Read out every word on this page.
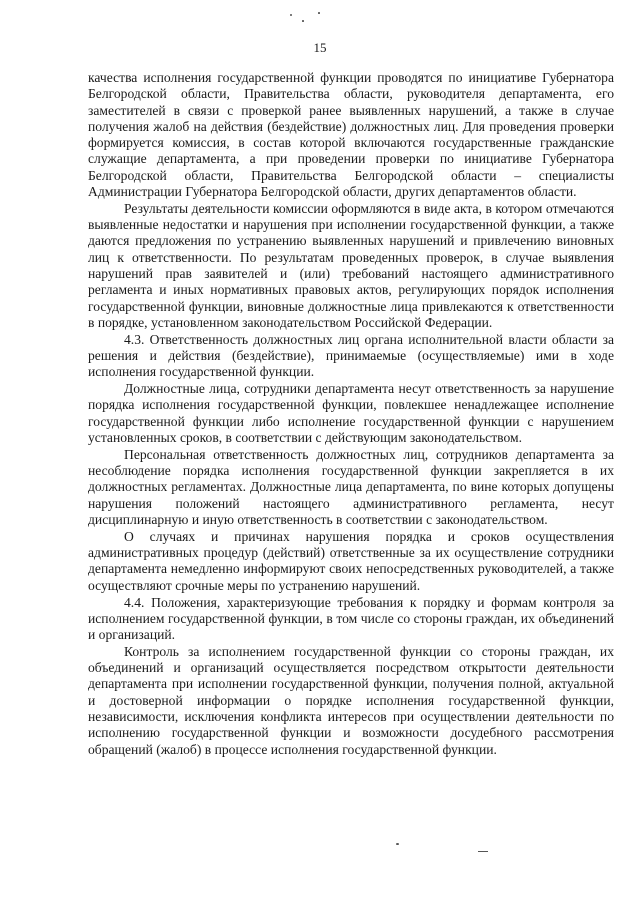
15

качества исполнения государственной функции проводятся по инициативе Губернатора Белгородской области, Правительства области, руководителя департамента, его заместителей в связи с проверкой ранее выявленных нарушений, а также в случае получения жалоб на действия (бездействие) должностных лиц. Для проведения проверки формируется комиссия, в состав которой включаются государственные гражданские служащие департамента, а при проведении проверки по инициативе Губернатора Белгородской области, Правительства Белгородской области – специалисты Администрации Губернатора Белгородской области, других департаментов области.

Результаты деятельности комиссии оформляются в виде акта, в котором отмечаются выявленные недостатки и нарушения при исполнении государственной функции, а также даются предложения по устранению выявленных нарушений и привлечению виновных лиц к ответственности. По результатам проведенных проверок, в случае выявления нарушений прав заявителей и (или) требований настоящего административного регламента и иных нормативных правовых актов, регулирующих порядок исполнения государственной функции, виновные должностные лица привлекаются к ответственности в порядке, установленном законодательством Российской Федерации.

4.3. Ответственность должностных лиц органа исполнительной власти области за решения и действия (бездействие), принимаемые (осуществляемые) ими в ходе исполнения государственной функции.

Должностные лица, сотрудники департамента несут ответственность за нарушение порядка исполнения государственной функции, повлекшее ненадлежащее исполнение государственной функции либо исполнение государственной функции с нарушением установленных сроков, в соответствии с действующим законодательством.

Персональная ответственность должностных лиц, сотрудников департамента за несоблюдение порядка исполнения государственной функции закрепляется в их должностных регламентах. Должностные лица департамента, по вине которых допущены нарушения положений настоящего административного регламента, несут дисциплинарную и иную ответственность в соответствии с законодательством.

О случаях и причинах нарушения порядка и сроков осуществления административных процедур (действий) ответственные за их осуществление сотрудники департамента немедленно информируют своих непосредственных руководителей, а также осуществляют срочные меры по устранению нарушений.

4.4. Положения, характеризующие требования к порядку и формам контроля за исполнением государственной функции, в том числе со стороны граждан, их объединений и организаций.

Контроль за исполнением государственной функции со стороны граждан, их объединений и организаций осуществляется посредством открытости деятельности департамента при исполнении государственной функции, получения полной, актуальной и достоверной информации о порядке исполнения государственной функции, независимости, исключения конфликта интересов при осуществлении деятельности по исполнению государственной функции и возможности досудебного рассмотрения обращений (жалоб) в процессе исполнения государственной функции.
